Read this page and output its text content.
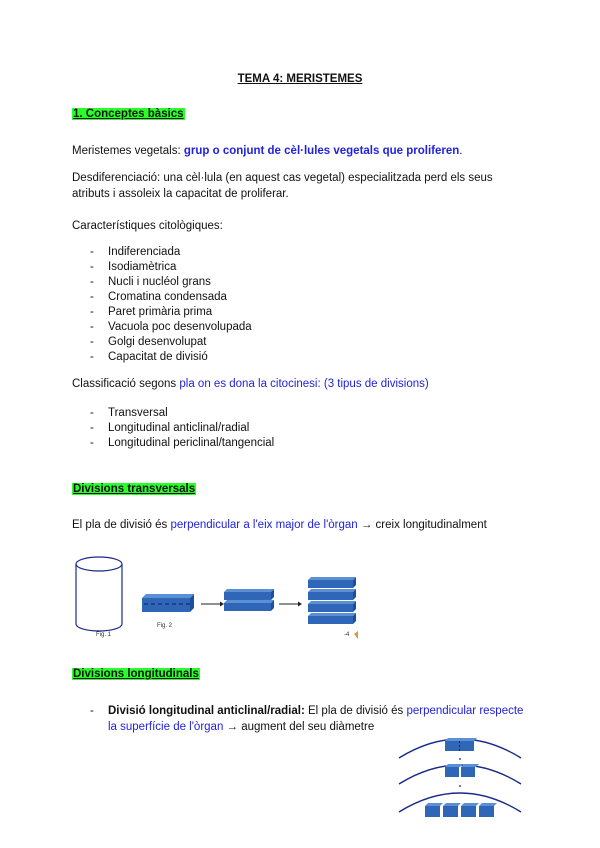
TEMA 4: MERISTEMES
1. Conceptes bàsics
Meristemes vegetals: grup o conjunt de cèl·lules vegetals que proliferen.
Desdiferenciació: una cèl·lula (en aquest cas vegetal) especialitzada perd els seus atributs i assoleix la capacitat de proliferar.
Característiques citològiques:
- Indiferenciada
- Isodiamètrica
- Nucli i nucléol grans
- Cromatina condensada
- Paret primària prima
- Vacuola poc desenvolupada
- Golgi desenvolupat
- Capacitat de divisió
Classificació segons pla on es dona la citocinesi: (3 tipus de divisions)
- Transversal
- Longitudinal anticlinal/radial
- Longitudinal periclinal/tangencial
Divisions transversals
El pla de divisió és perpendicular a l'eix major de l'òrgan → creix longitudinalment
Fig. 1
Fig. 2
-4
Divisions longitudinals
- Divisió longitudinal anticlinal/radial: El pla de divisió és perpendicular respecte la superfície de l'òrgan → augment del seu diàmetre
